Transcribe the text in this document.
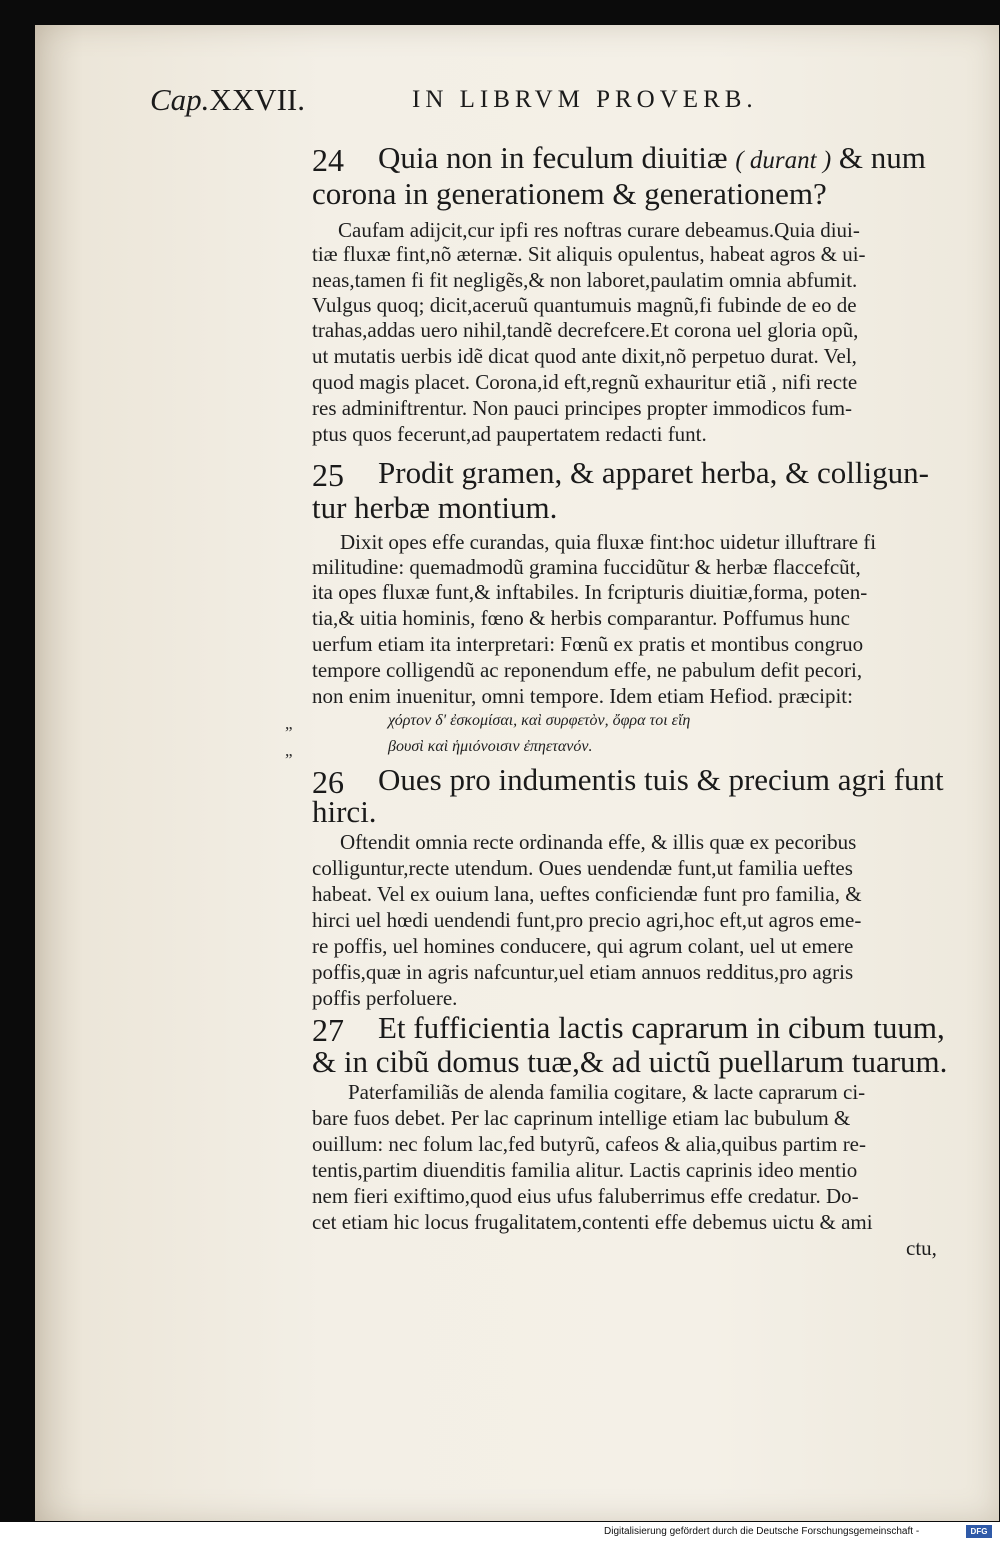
Cap.XXVII.	IN LIBRVM PROVERB.
24 Quia non in feculum diuitiæ ( durant ) & num
corona in generationem & generationem?
Caufam adijcit,cur ipfi res noftras curare debeamus.Quia diui-
tiæ fluxæ fint,nõ æternæ. Sit aliquis opulentus, habeat agros & ui-
neas,tamen fi fit negligẽs,& non laboret,paulatim omnia abfumit.
Vulgus quoq; dicit,aceruũ quantumuis magnũ,fi fubinde de eo de
trahas,addas uero nihil,tandẽ decrefcere.Et corona uel gloria opũ,
ut mutatis uerbis idẽ dicat quod ante dixit,nõ perpetuo durat. Vel,
quod magis placet. Corona,id eft,regnũ exhauritur etiã , nifi recte
res adminiftrentur. Non pauci principes propter immodicos fum-
ptus quos fecerunt,ad paupertatem redacti funt.
25 Prodit gramen, & apparet herba, & colligun-
tur herbæ montium.
Dixit opes effe curandas, quia fluxæ fint:hoc uidetur illuftrare fi
militudine: quemadmodũ gramina fuccidũtur & herbæ flaccefcũt,
ita opes fluxæ funt,& inftabiles. In fcripturis diuitiæ,forma, poten-
tia,& uitia hominis, fœno & herbis comparantur. Poffumus hunc
uerfum etiam ita interpretari: Fœnũ ex pratis et montibus congruo
tempore colligendũ ac reponendum effe, ne pabulum defit pecori,
non enim inuenitur, omni tempore. Idem etiam Hefiod. præcipit:
„	χόρτον δ' ἐσκομίσαι, καὶ συρφετὸν, ὄφρα τοι εἴη
„	βουσὶ καὶ ἡμιόνοισιν ἐπηετανόν.
26 Oues pro indumentis tuis & precium agri funt
hirci.
Oftendit omnia recte ordinanda effe, & illis quæ ex pecoribus
colliguntur,recte utendum. Oues uendendæ funt,ut familia ueftes
habeat. Vel ex ouium lana, ueftes conficiendæ funt pro familia, &
hirci uel hœdi uendendi funt,pro precio agri,hoc eft,ut agros eme-
re poffis, uel homines conducere, qui agrum colant, uel ut emere
poffis,quæ in agris nafcuntur,uel etiam annuos redditus,pro agris
poffis perfoluere.
27 Et fufficientia lactis caprarum in cibum tuum,
& in cibũ domus tuæ,& ad uictũ puellarum tuarum.
Paterfamiliãs de alenda familia cogitare, & lacte caprarum ci-
bare fuos debet. Per lac caprinum intellige etiam lac bubulum &
ouillum: nec folum lac,fed butyrũ, cafeos & alia,quibus partim re-
tentis,partim diuenditis familia alitur. Lactis caprinis ideo mentio
nem fieri exiftimo,quod eius ufus faluberrimus effe credatur. Do-
cet etiam hic locus frugalitatem,contenti effe debemus uictu & ami
ctu,
Digitalisierung gefördert durch die Deutsche Forschungsgemeinschaft -	DFG
